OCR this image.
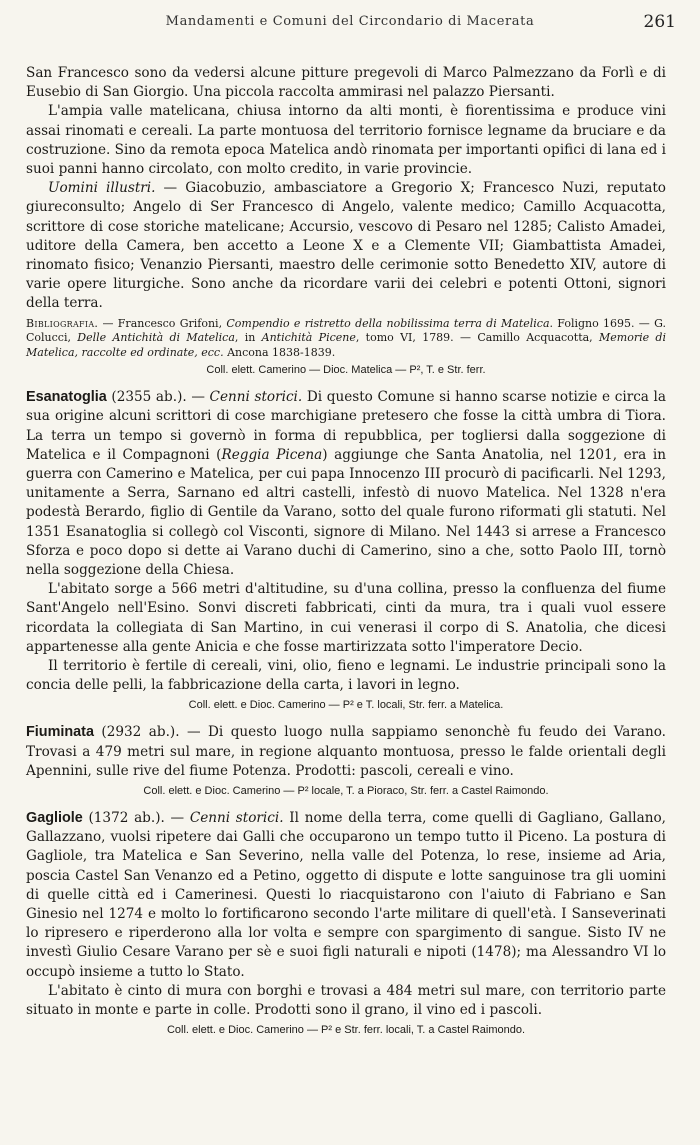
Mandamenti e Comuni del Circondario di Macerata	261

San Francesco sono da vedersi alcune pitture pregevoli di Marco Palmezzano da Forlì e di Eusebio di San Giorgio. Una piccola raccolta ammirasi nel palazzo Piersanti.

L'ampia valle matelicana, chiusa intorno da alti monti, è fiorentissima e produce vini assai rinomati e cereali. La parte montuosa del territorio fornisce legname da bruciare e da costruzione. Sino da remota epoca Matelica andò rinomata per importanti opifici di lana ed i suoi panni hanno circolato, con molto credito, in varie provincie.

Uomini illustri. — Giacobuzio, ambasciatore a Gregorio X; Francesco Nuzi, reputato giureconsulto; Angelo di Ser Francesco di Angelo, valente medico; Camillo Acquacotta, scrittore di cose storiche matelicane; Accursio, vescovo di Pesaro nel 1285; Calisto Amadei, uditore della Camera, ben accetto a Leone X e a Clemente VII; Giambattista Amadei, rinomato fisico; Venanzio Piersanti, maestro delle cerimonie sotto Benedetto XIV, autore di varie opere liturgiche. Sono anche da ricordare varii dei celebri e potenti Ottoni, signori della terra.

Bibliografia. — Francesco Grifoni, Compendio e ristretto della nobilissima terra di Matelica. Foligno 1695. — G. Colucci, Delle Antichità di Matelica, in Antichità Picene, tomo VI, 1789. — Camillo Acquacotta, Memorie di Matelica, raccolte ed ordinate, ecc. Ancona 1838-1839.

Coll. elett. Camerino — Dioc. Matelica — P², T. e Str. ferr.

Esanatoglia (2355 ab.). — Cenni storici. Di questo Comune si hanno scarse notizie e circa la sua origine alcuni scrittori di cose marchigiane pretesero che fosse la città umbra di Tiora. La terra un tempo si governò in forma di repubblica, per togliersi dalla soggezione di Matelica e il Compagnoni (Reggia Picena) aggiunge che Santa Anatolia, nel 1201, era in guerra con Camerino e Matelica, per cui papa Innocenzo III procurò di pacificarli. Nel 1293, unitamente a Serra, Sarnano ed altri castelli, infestò di nuovo Matelica. Nel 1328 n'era podestà Berardo, figlio di Gentile da Varano, sotto del quale furono riformati gli statuti. Nel 1351 Esanatoglia si collegò col Visconti, signore di Milano. Nel 1443 si arrese a Francesco Sforza e poco dopo si dette ai Varano duchi di Camerino, sino a che, sotto Paolo III, tornò nella soggezione della Chiesa.

L'abitato sorge a 566 metri d'altitudine, su d'una collina, presso la confluenza del fiume Sant'Angelo nell'Esino. Sonvi discreti fabbricati, cinti da mura, tra i quali vuol essere ricordata la collegiata di San Martino, in cui venerasi il corpo di S. Anatolia, che dicesi appartenesse alla gente Anicia e che fosse martirizzata sotto l'imperatore Decio.

Il territorio è fertile di cereali, vini, olio, fieno e legnami. Le industrie principali sono la concia delle pelli, la fabbricazione della carta, i lavori in legno.

Coll. elett. e Dioc. Camerino — P² e T. locali, Str. ferr. a Matelica.

Fiuminata (2932 ab.). — Di questo luogo nulla sappiamo senonchè fu feudo dei Varano. Trovasi a 479 metri sul mare, in regione alquanto montuosa, presso le falde orientali degli Apennini, sulle rive del fiume Potenza. Prodotti: pascoli, cereali e vino.

Coll. elett. e Dioc. Camerino — P² locale, T. a Pioraco, Str. ferr. a Castel Raimondo.

Gagliole (1372 ab.). — Cenni storici. Il nome della terra, come quelli di Gagliano, Gallano, Gallazzano, vuolsi ripetere dai Galli che occuparono un tempo tutto il Piceno. La postura di Gagliole, tra Matelica e San Severino, nella valle del Potenza, lo rese, insieme ad Aria, poscia Castel San Venanzo ed a Petino, oggetto di dispute e lotte sanguinose tra gli uomini di quelle città ed i Camerinesi. Questi lo riacquistarono con l'aiuto di Fabriano e San Ginesio nel 1274 e molto lo fortificarono secondo l'arte militare di quell'età. I Sanseverinati lo ripresero e riperderono alla lor volta e sempre con spargimento di sangue. Sisto IV ne investì Giulio Cesare Varano per sè e suoi figli naturali e nipoti (1478); ma Alessandro VI lo occupò insieme a tutto lo Stato.

L'abitato è cinto di mura con borghi e trovasi a 484 metri sul mare, con territorio parte situato in monte e parte in colle. Prodotti sono il grano, il vino ed i pascoli.

Coll. elett. e Dioc. Camerino — P² e Str. ferr. locali, T. a Castel Raimondo.
